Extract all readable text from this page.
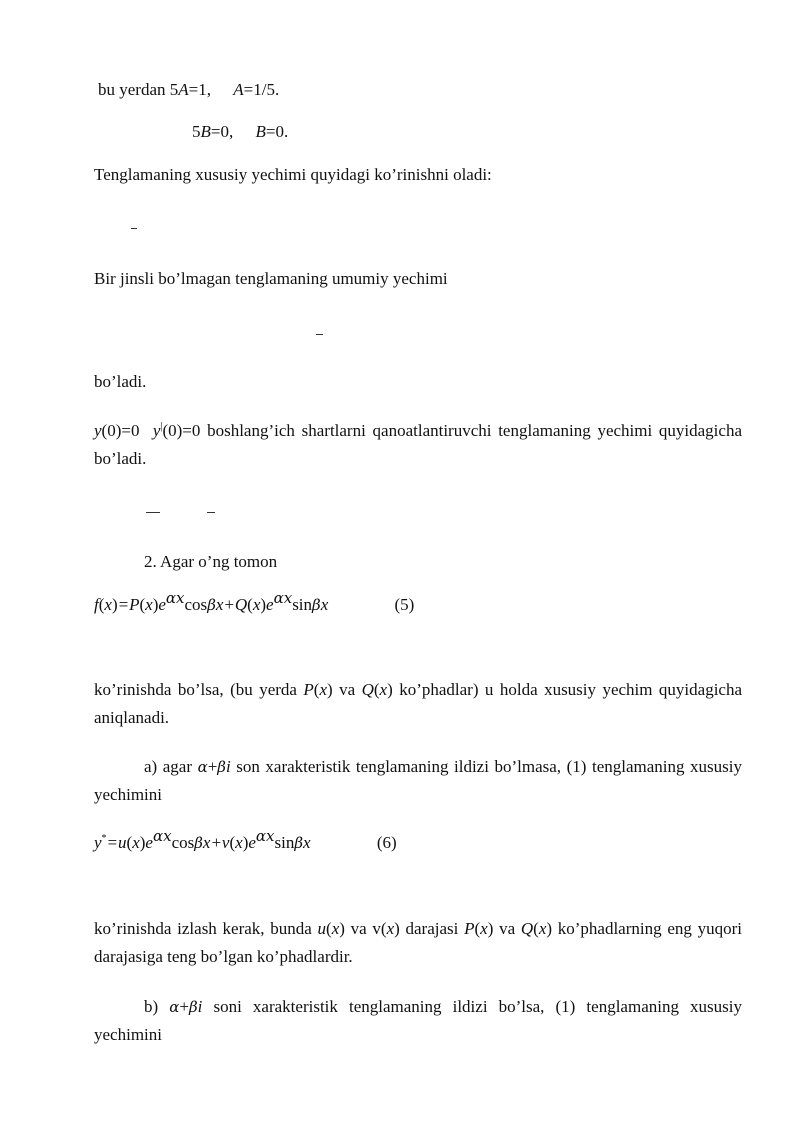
bu yerdan 5A=1, A=1/5.
5B=0, B=0.
Tenglamaning xususiy yechimi quyidagi ko’rinishni oladi:
Bir jinsli bo’lmagan tenglamaning umumiy yechimi
bo’ladi.
y(0)=0 y|(0)=0 boshlang’ich shartlarni qanoatlantiruvchi tenglamaning yechimi quyidagicha bo’ladi.
2. Agar o’ng tomon
$f(x)=P(x)e^{\alpha x}\cos\beta x+Q(x)e^{\alpha x}\sin\beta x$	(5)
ko’rinishda bo’lsa, (bu yerda P(x) va Q(x) ko’phadlar) u holda xususiy yechim quyidagicha aniqlanadi.
a) agar α+βi son xarakteristik tenglamaning ildizi bo’lmasa, (1) tenglamaning xususiy yechimini
$y^*=u(x)e^{\alpha x}\cos\beta x+v(x)e^{\alpha x}\sin\beta x$	(6)
ko’rinishda izlash kerak, bunda u(x) va v(x) darajasi P(x) va Q(x) ko’phadlarning eng yuqori darajasiga teng bo’lgan ko’phadlardir.
b) α+βi soni xarakteristik tenglamaning ildizi bo’lsa, (1) tenglamaning xususiy yechimini
